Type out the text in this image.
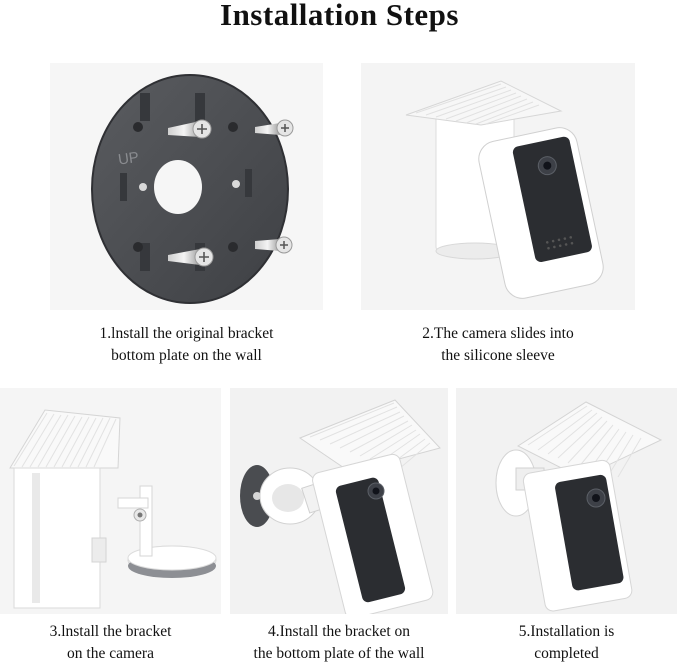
Installation Steps
UP
1.lnstall the original bracket
bottom plate on the wall
2.The camera slides into
the silicone sleeve
3.lnstall the bracket
on the camera
4.Install the bracket on
the bottom plate of the wall
5.Installation is
completed
